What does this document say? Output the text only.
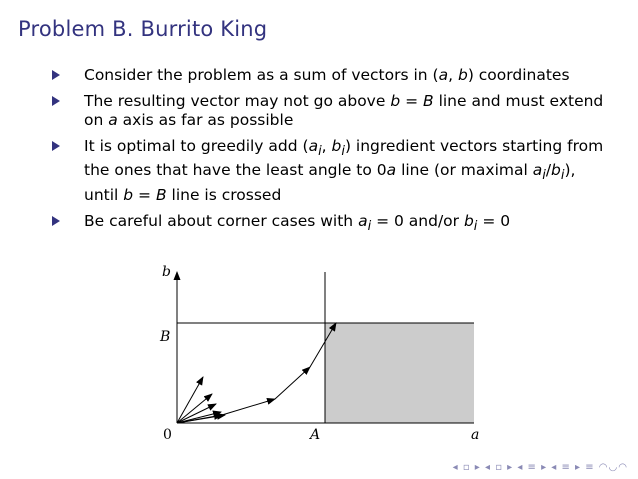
Problem B. Burrito King
Consider the problem as a sum of vectors in (a, b) coordinates
The resulting vector may not go above b = B line and must extend on a axis as far as possible
It is optimal to greedily add ($a_i$, $b_i$) ingredient vectors starting from the ones that have the least angle to 0a line (or maximal $a_i/b_i$), until b = B line is crossed
Be careful about corner cases with $a_i = 0$ and/or $b_i = 0$
b
B
0	A	a
◂ ▫ ▸ ◂ ▫ ▸ ◂ ≡ ▸ ◂ ≡ ▸ ≡ ◠◡◠
